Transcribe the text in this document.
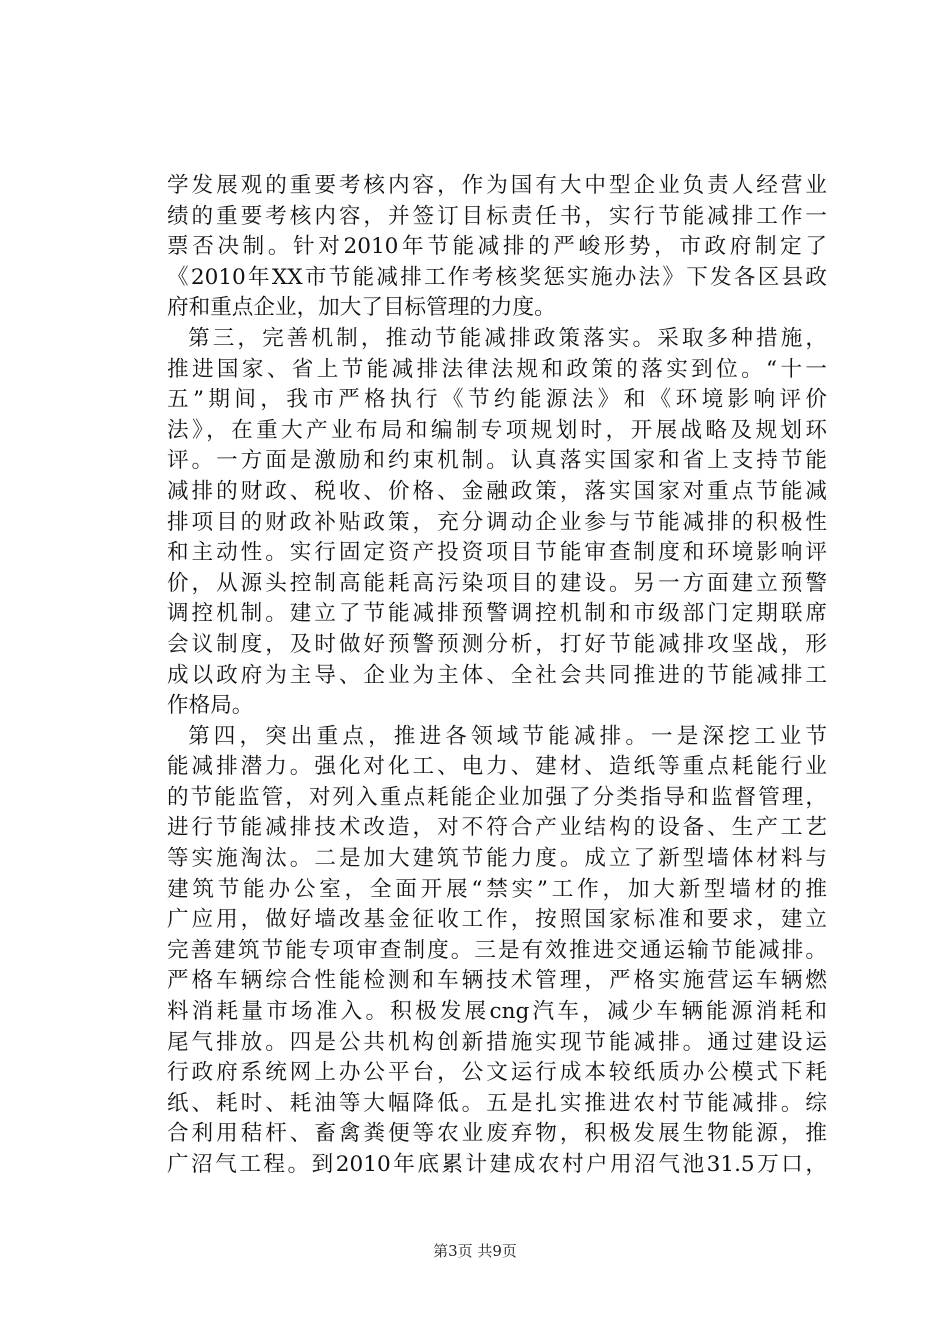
学发展观的重要考核内容，作为国有大中型企业负责人经营业
绩的重要考核内容，并签订目标责任书，实行节能减排工作一
票否决制。针对2010年节能减排的严峻形势，市政府制定了
《2010年XX市节能减排工作考核奖惩实施办法》下发各区县政
府和重点企业，加大了目标管理的力度。
第三，完善机制，推动节能减排政策落实。采取多种措施，
推进国家、省上节能减排法律法规和政策的落实到位。“十一
五”期间，我市严格执行《节约能源法》和《环境影响评价
法》，在重大产业布局和编制专项规划时，开展战略及规划环
评。一方面是激励和约束机制。认真落实国家和省上支持节能
减排的财政、税收、价格、金融政策，落实国家对重点节能减
排项目的财政补贴政策，充分调动企业参与节能减排的积极性
和主动性。实行固定资产投资项目节能审查制度和环境影响评
价，从源头控制高能耗高污染项目的建设。另一方面建立预警
调控机制。建立了节能减排预警调控机制和市级部门定期联席
会议制度，及时做好预警预测分析，打好节能减排攻坚战，形
成以政府为主导、企业为主体、全社会共同推进的节能减排工
作格局。
第四，突出重点，推进各领域节能减排。一是深挖工业节
能减排潜力。强化对化工、电力、建材、造纸等重点耗能行业
的节能监管，对列入重点耗能企业加强了分类指导和监督管理，
进行节能减排技术改造，对不符合产业结构的设备、生产工艺
等实施淘汰。二是加大建筑节能力度。成立了新型墙体材料与
建筑节能办公室，全面开展“禁实”工作，加大新型墙材的推
广应用，做好墙改基金征收工作，按照国家标准和要求，建立
完善建筑节能专项审查制度。三是有效推进交通运输节能减排。
严格车辆综合性能检测和车辆技术管理，严格实施营运车辆燃
料消耗量市场准入。积极发展cng汽车，减少车辆能源消耗和
尾气排放。四是公共机构创新措施实现节能减排。通过建设运
行政府系统网上办公平台，公文运行成本较纸质办公模式下耗
纸、耗时、耗油等大幅降低。五是扎实推进农村节能减排。综
合利用秸杆、畜禽粪便等农业废弃物，积极发展生物能源，推
广沼气工程。到2010年底累计建成农村户用沼气池31.5万口，
第3页 共9页
